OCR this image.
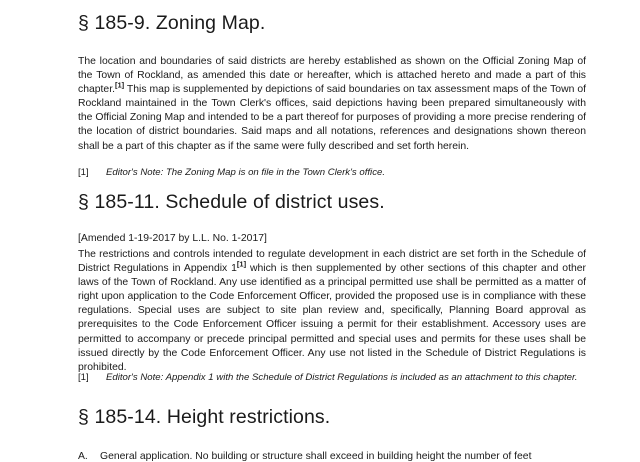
§ 185-9. Zoning Map.

The location and boundaries of said districts are hereby established as shown on the Official Zoning Map of the Town of Rockland, as amended this date or hereafter, which is attached hereto and made a part of this chapter.[1] This map is supplemented by depictions of said boundaries on tax assessment maps of the Town of Rockland maintained in the Town Clerk's offices, said depictions having been prepared simultaneously with the Official Zoning Map and intended to be a part thereof for purposes of providing a more precise rendering of the location of district boundaries. Said maps and all notations, references and designations shown thereon shall be a part of this chapter as if the same were fully described and set forth herein.

[1] Editor's Note: The Zoning Map is on file in the Town Clerk's office.

§ 185-11. Schedule of district uses.

[Amended 1-19-2017 by L.L. No. 1-2017]

The restrictions and controls intended to regulate development in each district are set forth in the Schedule of District Regulations in Appendix 1[1] which is then supplemented by other sections of this chapter and other laws of the Town of Rockland. Any use identified as a principal permitted use shall be permitted as a matter of right upon application to the Code Enforcement Officer, provided the proposed use is in compliance with these regulations. Special uses are subject to site plan review and, specifically, Planning Board approval as prerequisites to the Code Enforcement Officer issuing a permit for their establishment. Accessory uses are permitted to accompany or precede principal permitted and special uses and permits for these uses shall be issued directly by the Code Enforcement Officer. Any use not listed in the Schedule of District Regulations is prohibited.

[1] Editor's Note: Appendix 1 with the Schedule of District Regulations is included as an attachment to this chapter.

§ 185-14. Height restrictions.
A. General application. No building or structure shall exceed in building height the number of feet
